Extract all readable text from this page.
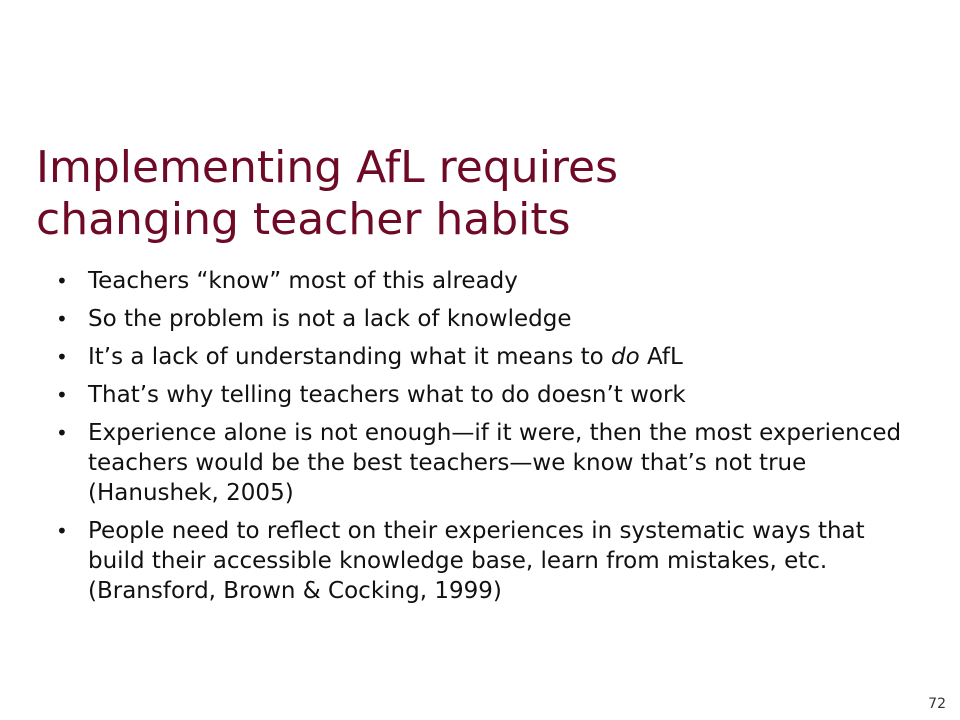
Implementing AfL requires
changing teacher habits
• Teachers “know” most of this already
• So the problem is not a lack of knowledge
• It’s a lack of understanding what it means to do AfL
• That’s why telling teachers what to do doesn’t work
• Experience alone is not enough—if it were, then the most experienced teachers would be the best teachers—we know that’s not true (Hanushek, 2005)
• People need to reflect on their experiences in systematic ways that build their accessible knowledge base, learn from mistakes, etc. (Bransford, Brown & Cocking, 1999)
72
